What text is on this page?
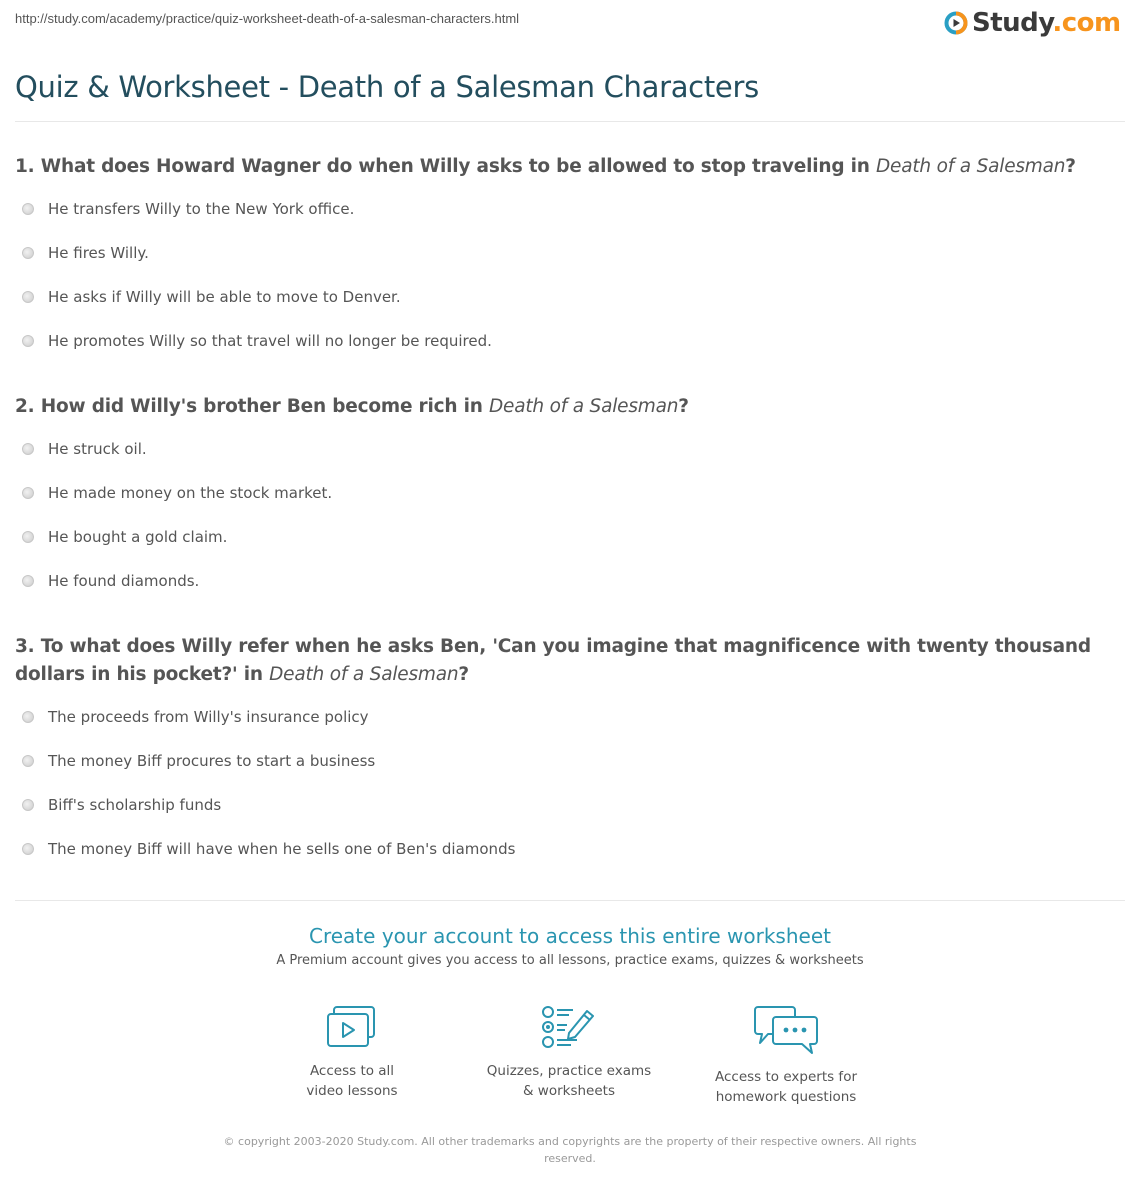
http://study.com/academy/practice/quiz-worksheet-death-of-a-salesman-characters.html	Study.com
Quiz & Worksheet - Death of a Salesman Characters

1. What does Howard Wagner do when Willy asks to be allowed to stop traveling in Death of a Salesman?

He transfers Willy to the New York office.
He fires Willy.
He asks if Willy will be able to move to Denver.
He promotes Willy so that travel will no longer be required.

2. How did Willy's brother Ben become rich in Death of a Salesman?

He struck oil.
He made money on the stock market.
He bought a gold claim.
He found diamonds.

3. To what does Willy refer when he asks Ben, 'Can you imagine that magnificence with twenty thousand dollars in his pocket?' in Death of a Salesman?

The proceeds from Willy's insurance policy
The money Biff procures to start a business
Biff's scholarship funds
The money Biff will have when he sells one of Ben's diamonds
Create your account to access this entire worksheet
A Premium account gives you access to all lessons, practice exams, quizzes & worksheets
Access to all
video lessons
Quizzes, practice exams
& worksheets
Access to experts for
homework questions
© copyright 2003-2020 Study.com. All other trademarks and copyrights are the property of their respective owners. All rights reserved.
